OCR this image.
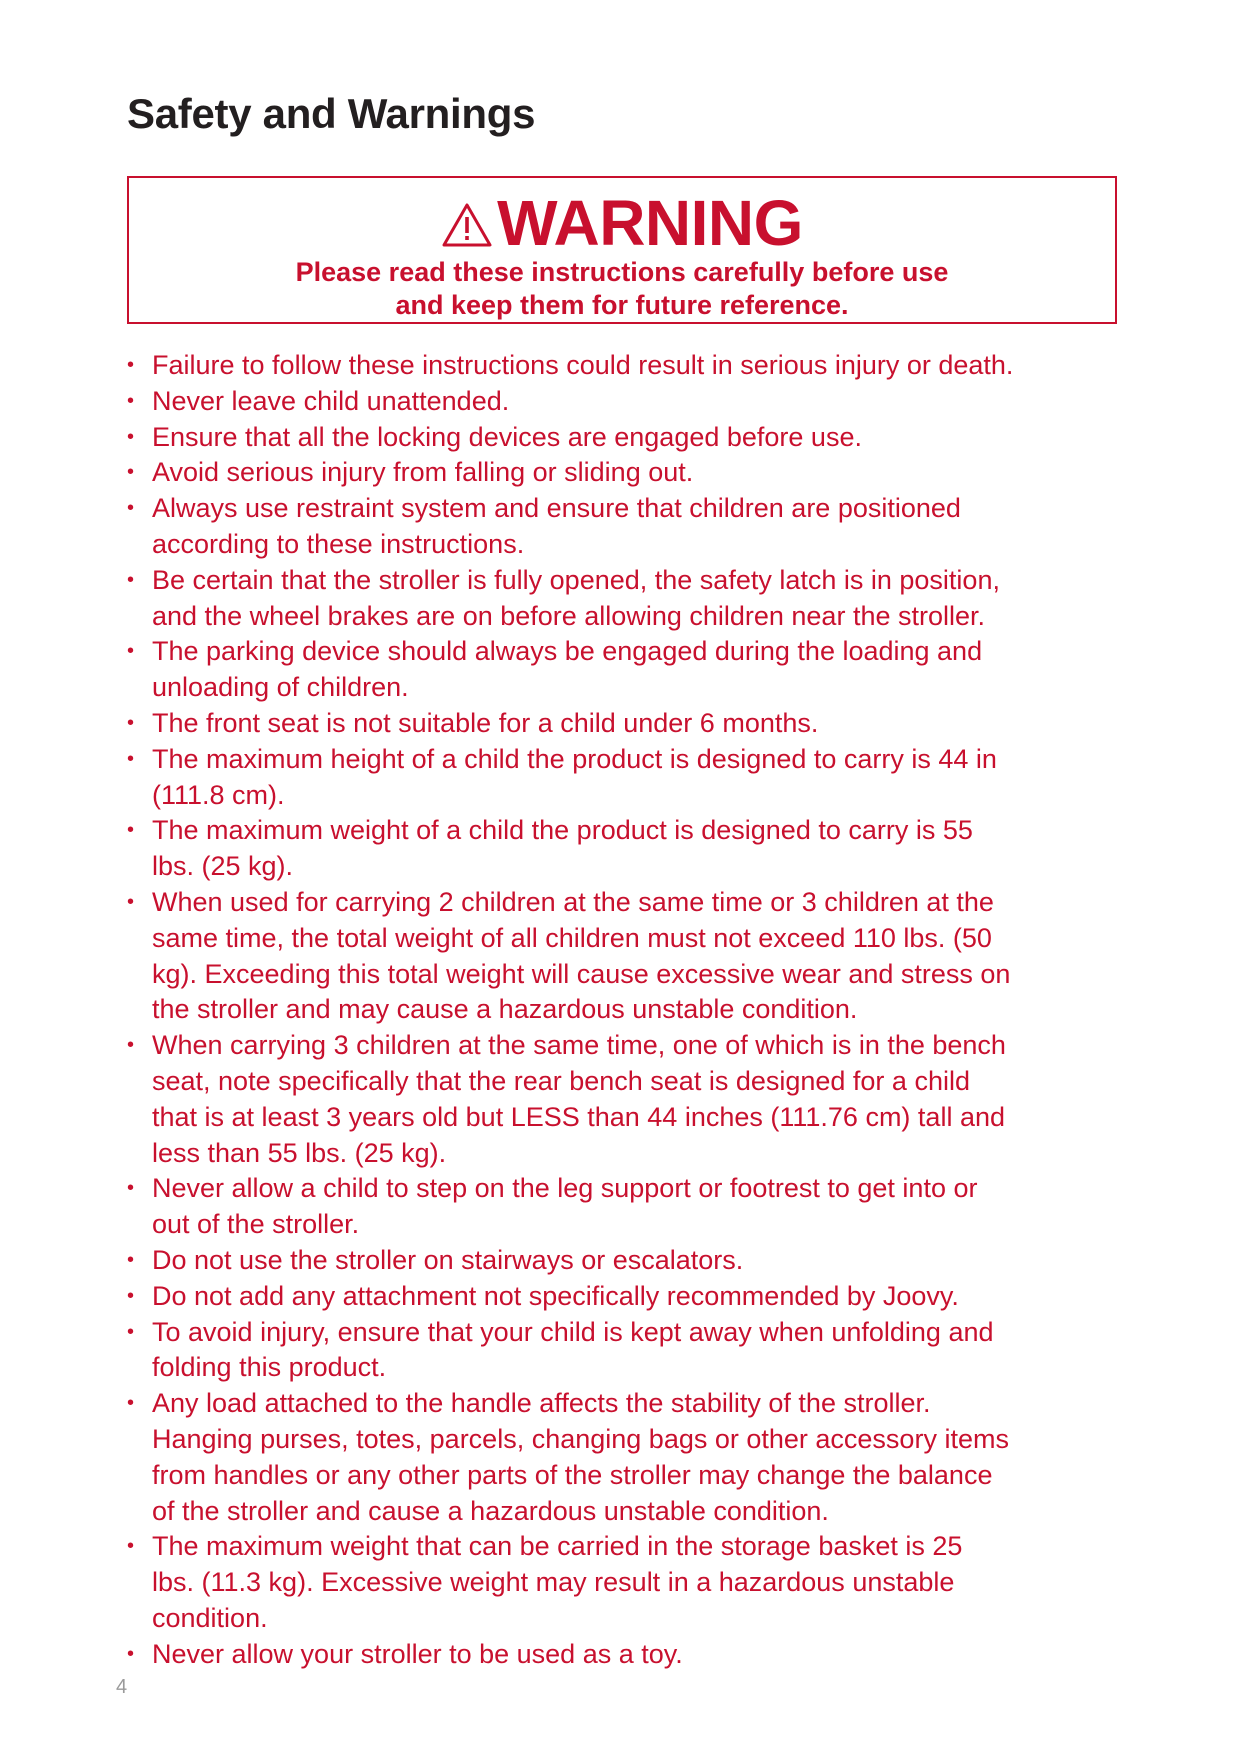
Safety and Warnings
WARNING
Please read these instructions carefully before use
and keep them for future reference.
• Failure to follow these instructions could result in serious injury or death.
• Never leave child unattended.
• Ensure that all the locking devices are engaged before use.
• Avoid serious injury from falling or sliding out.
• Always use restraint system and ensure that children are positioned
according to these instructions.
• Be certain that the stroller is fully opened, the safety latch is in position,
and the wheel brakes are on before allowing children near the stroller.
• The parking device should always be engaged during the loading and
unloading of children.
• The front seat is not suitable for a child under 6 months.
• The maximum height of a child the product is designed to carry is 44 in
(111.8 cm).
• The maximum weight of a child the product is designed to carry is 55
lbs. (25 kg).
• When used for carrying 2 children at the same time or 3 children at the
same time, the total weight of all children must not exceed 110 lbs. (50
kg). Exceeding this total weight will cause excessive wear and stress on
the stroller and may cause a hazardous unstable condition.
• When carrying 3 children at the same time, one of which is in the bench
seat, note specifically that the rear bench seat is designed for a child
that is at least 3 years old but LESS than 44 inches (111.76 cm) tall and
less than 55 lbs. (25 kg).
• Never allow a child to step on the leg support or footrest to get into or
out of the stroller.
• Do not use the stroller on stairways or escalators.
• Do not add any attachment not specifically recommended by Joovy.
• To avoid injury, ensure that your child is kept away when unfolding and
folding this product.
• Any load attached to the handle affects the stability of the stroller.
Hanging purses, totes, parcels, changing bags or other accessory items
from handles or any other parts of the stroller may change the balance
of the stroller and cause a hazardous unstable condition.
• The maximum weight that can be carried in the storage basket is 25
lbs. (11.3 kg). Excessive weight may result in a hazardous unstable
condition.
• Never allow your stroller to be used as a toy.
4
